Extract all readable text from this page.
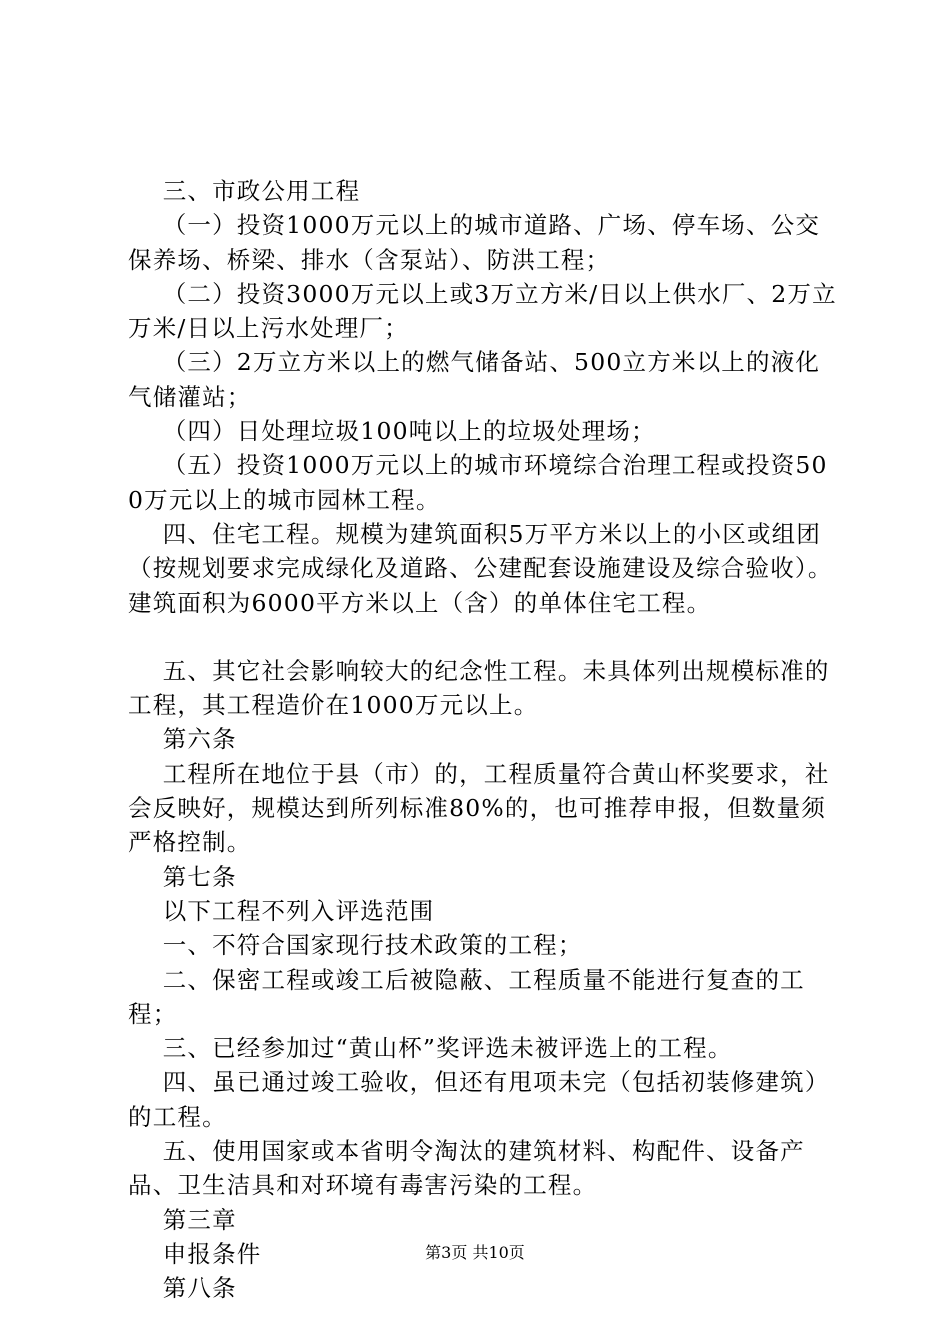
三、市政公用工程

（一）投资1000万元以上的城市道路、广场、停车场、公交保养场、桥梁、排水（含泵站）、防洪工程；

（二）投资3000万元以上或3万立方米/日以上供水厂、2万立万米/日以上污水处理厂；

（三）2万立方米以上的燃气储备站、500立方米以上的液化气储灌站；

（四）日处理垃圾100吨以上的垃圾处理场；

（五）投资1000万元以上的城市环境综合治理工程或投资500万元以上的城市园林工程。

四、住宅工程。规模为建筑面积5万平方米以上的小区或组团（按规划要求完成绿化及道路、公建配套设施建设及综合验收）。建筑面积为6000平方米以上（含）的单体住宅工程。

五、其它社会影响较大的纪念性工程。未具体列出规模标准的工程，其工程造价在1000万元以上。

第六条

工程所在地位于县（市）的，工程质量符合黄山杯奖要求，社会反映好，规模达到所列标准80%的，也可推荐申报，但数量须严格控制。

第七条

以下工程不列入评选范围

一、不符合国家现行技术政策的工程；

二、保密工程或竣工后被隐蔽、工程质量不能进行复查的工程；

三、已经参加过“黄山杯”奖评选未被评选上的工程。

四、虽已通过竣工验收，但还有甩项未完（包括初装修建筑）的工程。

五、使用国家或本省明令淘汰的建筑材料、构配件、设备产品、卫生洁具和对环境有毒害污染的工程。

第三章

申报条件

第八条

第3页 共10页
